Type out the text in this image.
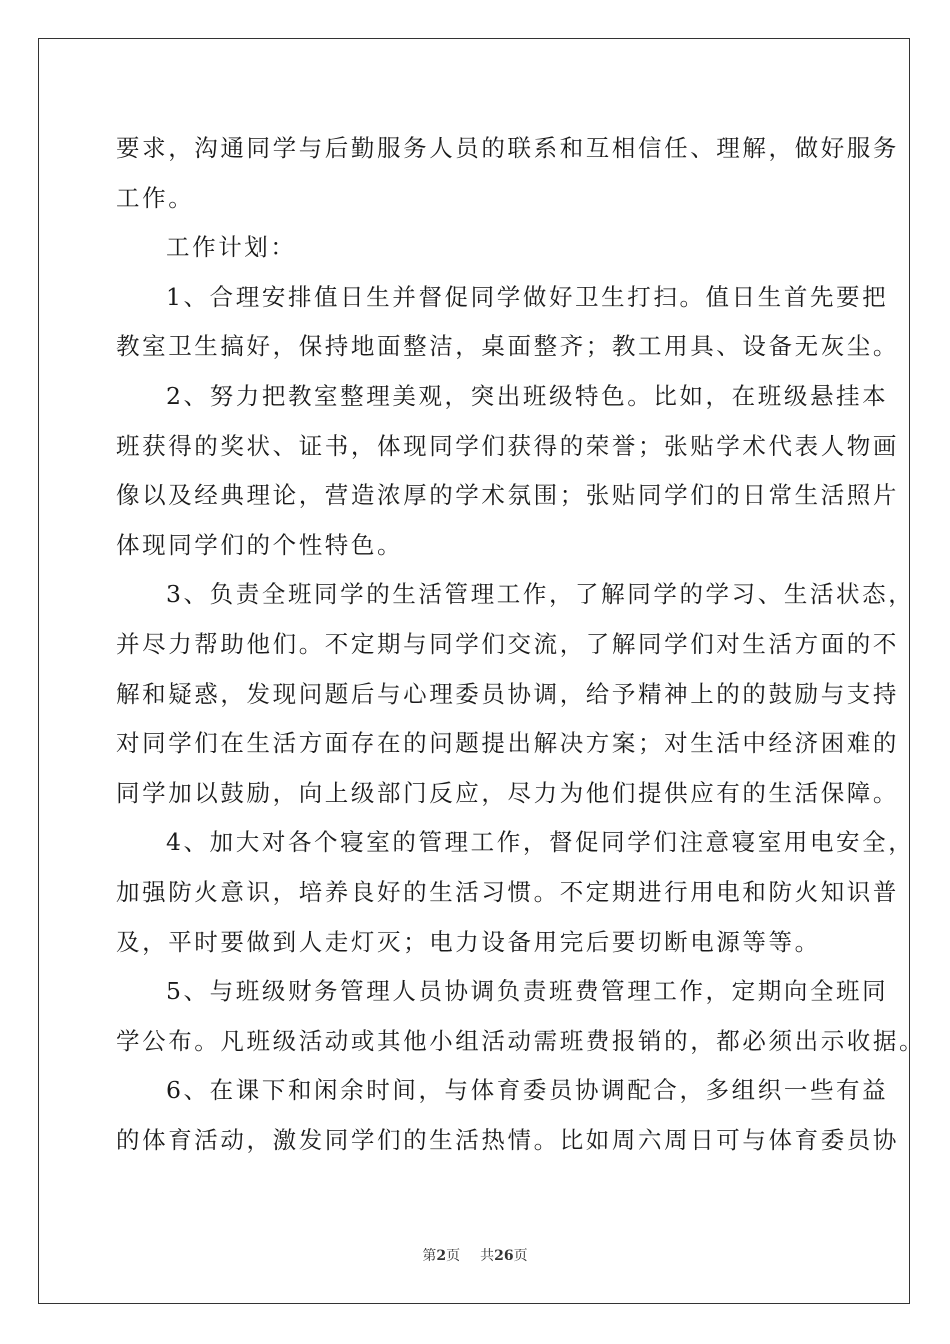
要求，沟通同学与后勤服务人员的联系和互相信任、理解，做好服务
工作。
工作计划：
1、合理安排值日生并督促同学做好卫生打扫。值日生首先要把
教室卫生搞好，保持地面整洁，桌面整齐；教工用具、设备无灰尘。
2、努力把教室整理美观，突出班级特色。比如，在班级悬挂本
班获得的奖状、证书，体现同学们获得的荣誉；张贴学术代表人物画
像以及经典理论，营造浓厚的学术氛围；张贴同学们的日常生活照片
体现同学们的个性特色。
3、负责全班同学的生活管理工作，了解同学的学习、生活状态，
并尽力帮助他们。不定期与同学们交流，了解同学们对生活方面的不
解和疑惑，发现问题后与心理委员协调，给予精神上的的鼓励与支持
对同学们在生活方面存在的问题提出解决方案；对生活中经济困难的
同学加以鼓励，向上级部门反应，尽力为他们提供应有的生活保障。
4、加大对各个寝室的管理工作，督促同学们注意寝室用电安全，
加强防火意识，培养良好的生活习惯。不定期进行用电和防火知识普
及，平时要做到人走灯灭；电力设备用完后要切断电源等等。
5、与班级财务管理人员协调负责班费管理工作，定期向全班同
学公布。凡班级活动或其他小组活动需班费报销的，都必须出示收据。
6、在课下和闲余时间，与体育委员协调配合，多组织一些有益
的体育活动，激发同学们的生活热情。比如周六周日可与体育委员协
第2页 共26页
